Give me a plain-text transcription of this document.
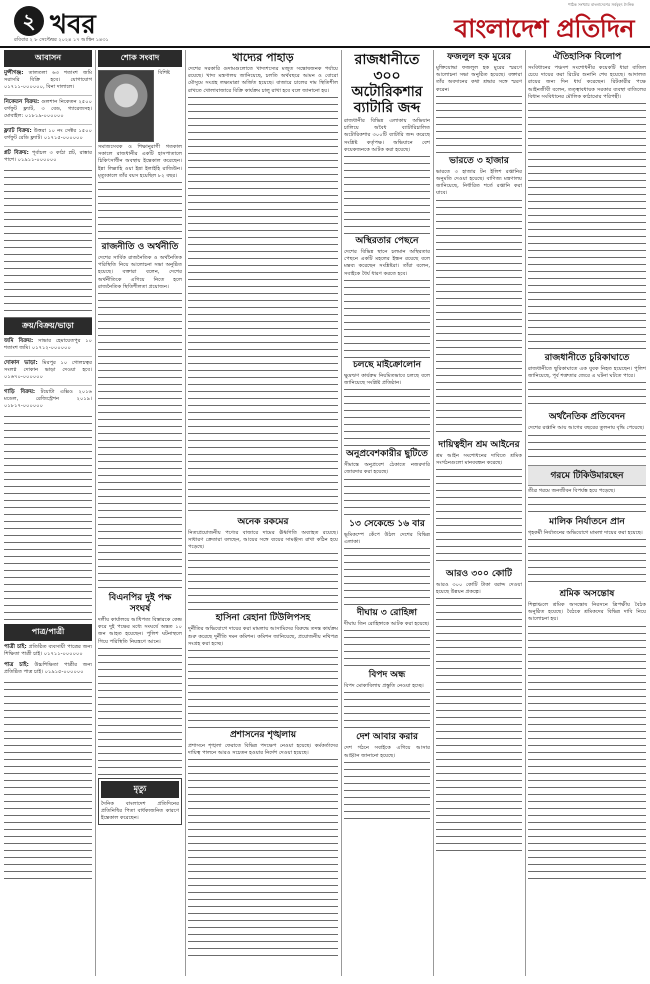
২ খবর
রবিবার ২ ৮ সেপ্টেম্বর ২০২৪ ১৭ আশ্বিন ১৪৩১
পাঠক সংখ্যায় বাংলাদেশের সর্ববৃহৎ দৈনিক
বাংলাদেশ প্রতিদিন
আবাসন

মুন্সীগঞ্জ: তালতলা ৬৩ শতাংশ জমি সরাসরি বিক্রি হবে। যোগাযোগ ০১৭১১-০০০০০০, বিনা দালালে।

নিকেতন বিক্রয়: গুলশান নিকেতন ২৫০০ বর্গফুট ফ্ল্যাট, ৩ বেড, গ্যারেজসহ। মোবাইল: ০১৮১৯-০০০০০০

ফ্ল্যাট বিক্রয়: উত্তরা ১০ নং সেক্টর ১৫০০ বর্গফুট রেডি ফ্ল্যাট। ০১৭১৫-০০০০০০

প্লট বিক্রয়: পূর্বাচল ৩ কাঠা প্লট, রাস্তার পাশে। ০১৯১১-০০০০০০

ক্রয়/বিক্রয়/ভাড়া

জমি বিক্রয়: সাভার হেমায়েতপুর ১০ শতাংশ জমি। ০১৭১২-০০০০০০

দোকান ভাড়া: মিরপুর ১০ গোলচত্বর সংলগ্ন দোকান ভাড়া দেওয়া হবে। ০১৬৭০-০০০০০০

গাড়ি বিক্রয়: টয়োটা এক্সিও ২০১৬ মডেল, রেজিস্ট্রেশন ২০১৯। ০১৮১৭-০০০০০০

পাত্র/পাত্রী

পাত্রী চাই: প্রতিষ্ঠিত ব্যবসায়ী পাত্রের জন্য শিক্ষিতা পাত্রী চাই। ০১৭১১-০০০০০০

পাত্র চাই: উচ্চশিক্ষিতা পাত্রীর জন্য প্রতিষ্ঠিত পাত্র চাই। ০১৯১৫-০০০০০০

শোক সংবাদ

বিশিষ্ট সমাজসেবক ও শিক্ষানুরাগী গতকাল সকালে রাজধানীর একটি হাসপাতালে চিকিৎসাধীন অবস্থায় ইন্তেকাল করেছেন। ইন্না লিল্লাহি ওয়া ইন্না ইলাইহি রাজিউন। মৃত্যুকালে তাঁর বয়স হয়েছিল ৮২ বছর।

রাজনীতি ও অর্থনীতি

দেশের সার্বিক রাজনৈতিক ও অর্থনৈতিক পরিস্থিতি নিয়ে আলোচনা সভা অনুষ্ঠিত হয়েছে। বক্তারা বলেন, দেশের অর্থনীতিকে এগিয়ে নিতে হলে রাজনৈতিক স্থিতিশীলতা প্রয়োজন।

বিএনপির দুই পক্ষ সংঘর্ষ

দলীয় কার্যালয়ে আধিপত্য বিস্তারকে কেন্দ্র করে দুই পক্ষের মধ্যে সংঘর্ষে অন্তত ১০ জন আহত হয়েছেন। পুলিশ ঘটনাস্থলে গিয়ে পরিস্থিতি নিয়ন্ত্রণে আনে।

মৃত্যু

দৈনিক বাংলাদেশ প্রতিদিনের প্রতিনিধির পিতা বার্ধক্যজনিত কারণে ইন্তেকাল করেছেন।

খাদ্যের পাহাড়

দেশের সরকারি গুদামগুলোতে খাদ্যশস্যের মজুত সন্তোষজনক পর্যায়ে রয়েছে। খাদ্য মন্ত্রণালয় জানিয়েছে, চলতি অর্থবছরে আমন ও বোরো মৌসুমে সংগ্রহ লক্ষ্যমাত্রা অর্জিত হয়েছে। বাজারে চালের দাম স্থিতিশীল রাখতে খোলাবাজারে বিক্রি কার্যক্রম চালু রাখা হবে বলে জানানো হয়।

অনেক রকমের

নিত্যপ্রয়োজনীয় পণ্যের বাজারে দামের ঊর্ধ্বগতি অব্যাহত রয়েছে। সাধারণ ক্রেতারা বলছেন, আয়ের সঙ্গে ব্যয়ের সামঞ্জস্য রাখা কঠিন হয়ে পড়েছে।

হাসিনা রেহানা টিউলিপসহ

দুর্নীতির অভিযোগে দায়ের করা মামলায় আসামিদের বিরুদ্ধে তদন্ত কার্যক্রম শুরু করেছে দুর্নীতি দমন কমিশন। কমিশন জানিয়েছে, প্রয়োজনীয় নথিপত্র সংগ্রহ করা হচ্ছে।

প্রশাসনের শৃঙ্খলায়

প্রশাসনে শৃঙ্খলা ফেরাতে বিভিন্ন পদক্ষেপ নেওয়া হয়েছে। কর্মকর্তাদের দায়িত্ব পালনে আরও সচেতন হওয়ার নির্দেশ দেওয়া হয়েছে।

রাজধানীতে ৩০০ অটোরিকশার ব্যাটারি জব্দ

রাজধানীর বিভিন্ন এলাকায় অভিযান চালিয়ে অবৈধ ব্যাটারিচালিত অটোরিকশার ৩০০টি ব্যাটারি জব্দ করেছে সংশ্লিষ্ট কর্তৃপক্ষ। অভিযানে বেশ কয়েকজনকে আটক করা হয়েছে।

অস্থিরতার পেছনে

দেশের বিভিন্ন স্থানে চলমান অস্থিরতার পেছনে একটি মহলের ইন্ধন রয়েছে বলে মন্তব্য করেছেন সংশ্লিষ্টরা। তাঁরা বলেন, সবাইকে ধৈর্য ধারণ করতে হবে।

চলছে মাইক্রোলোন

ক্ষুদ্রঋণ কার্যক্রম নিয়মিতভাবে চলছে বলে জানিয়েছে সংশ্লিষ্ট প্রতিষ্ঠান।

অনুপ্রবেশকারীর ছুটিতে

সীমান্তে অনুপ্রবেশ ঠেকাতে নজরদারি জোরদার করা হয়েছে।

১৩ সেকেন্ডে ১৬ বার

ভূমিকম্পে কেঁপে উঠল দেশের বিভিন্ন এলাকা।

দীঘায় ৩ রোহিঙ্গা

দীঘায় তিন রোহিঙ্গাকে আটক করা হয়েছে।

বিপদ অন্ধ

বিপদ মোকাবিলায় প্রস্তুতি নেওয়া হচ্ছে।

দেশ আবার করার

দেশ গঠনে সবাইকে এগিয়ে আসার আহ্বান জানানো হয়েছে।

ফজলুল হক মুরের

মুক্তিযোদ্ধা ফজলুল হক মুরের স্মরণে আলোচনা সভা অনুষ্ঠিত হয়েছে। বক্তারা তাঁর অবদানের কথা শ্রদ্ধার সঙ্গে স্মরণ করেন।

ভারতে ৩ হাজার

ভারতে ৩ হাজার টন ইলিশ রপ্তানির অনুমতি দেওয়া হয়েছে। বাণিজ্য মন্ত্রণালয় জানিয়েছে, নির্ধারিত শর্তে রপ্তানি করা যাবে।

দায়িত্বহীন শ্রম আইনের

শ্রম আইন সংশোধনের দাবিতে শ্রমিক সংগঠনগুলো মানববন্ধন করেছে।

আরও ৩০০ কোটি

আরও ৩০০ কোটি টাকা বরাদ্দ দেওয়া হয়েছে উন্নয়ন প্রকল্পে।

ঐতিহাসিক বিলোপ

সংবিধানের পঞ্চদশ সংশোধনীর কয়েকটি ধারা বাতিল চেয়ে দায়ের করা রিটের শুনানি শেষ হয়েছে। আদালত রায়ের জন্য দিন ধার্য করেছেন। রিটকারীর পক্ষে আইনজীবী বলেন, তত্ত্বাবধায়ক সরকার ব্যবস্থা বাতিলের বিধান সংবিধানের মৌলিক কাঠামোর পরিপন্থী।

রাজধানীতে চুরিকাঘাতে

রাজধানীতে ছুরিকাঘাতে এক যুবক নিহত হয়েছেন। পুলিশ জানিয়েছে, পূর্ব শত্রুতার জেরে এ ঘটনা ঘটতে পারে।

অর্থনৈতিক প্রতিবেদন

দেশের রপ্তানি আয় আগের বছরের তুলনায় বৃদ্ধি পেয়েছে।

গরমে টিকিউমারছেন

তীব্র গরমে জনজীবন বিপর্যস্ত হয়ে পড়েছে।

মালিক নির্যাতনে প্রান

গৃহকর্মী নির্যাতনের অভিযোগে মামলা দায়ের করা হয়েছে।

শ্রমিক অসন্তোষ

শিল্পাঞ্চলে শ্রমিক অসন্তোষ নিরসনে ত্রিপক্ষীয় বৈঠক অনুষ্ঠিত হয়েছে। বৈঠকে শ্রমিকদের বিভিন্ন দাবি নিয়ে আলোচনা হয়।
